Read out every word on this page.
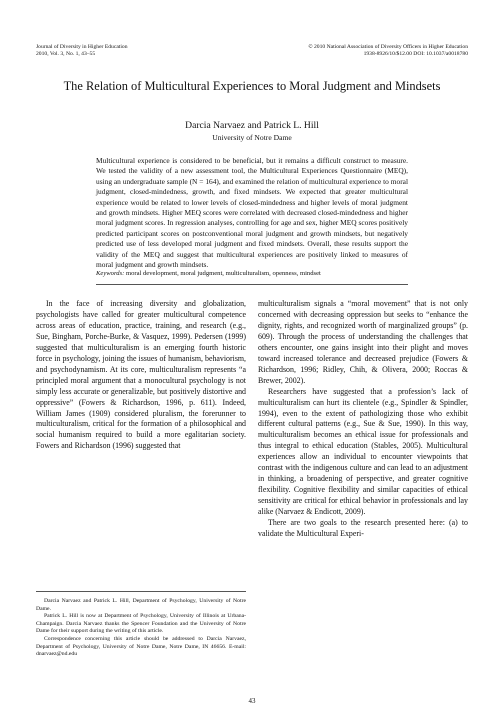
Journal of Diversity in Higher Education
2010, Vol. 3, No. 1, 43–55
© 2010 National Association of Diversity Officers in Higher Education
1938-8926/10/$12.00 DOI: 10.1037/a0018780
The Relation of Multicultural Experiences to Moral Judgment and Mindsets
Darcia Narvaez and Patrick L. Hill
University of Notre Dame
Multicultural experience is considered to be beneficial, but it remains a difficult construct to measure. We tested the validity of a new assessment tool, the Multicultural Experiences Questionnaire (MEQ), using an undergraduate sample (N = 164), and examined the relation of multicultural experience to moral judgment, closed-mindedness, growth, and fixed mindsets. We expected that greater multicultural experience would be related to lower levels of closed-mindedness and higher levels of moral judgment and growth mindsets. Higher MEQ scores were correlated with decreased closed-mindedness and higher moral judgment scores. In regression analyses, controlling for age and sex, higher MEQ scores positively predicted participant scores on postconventional moral judgment and growth mindsets, but negatively predicted use of less developed moral judgment and fixed mindsets. Overall, these results support the validity of the MEQ and suggest that multicultural experiences are positively linked to measures of moral judgment and growth mindsets.
Keywords: moral development, moral judgment, multiculturalism, openness, mindset

In the face of increasing diversity and globalization, psychologists have called for greater multicultural competence across areas of education, practice, training, and research (e.g., Sue, Bingham, Porche-Burke, & Vasquez, 1999). Pedersen (1999) suggested that multiculturalism is an emerging fourth historic force in psychology, joining the issues of humanism, behaviorism, and psychodynamism. At its core, multiculturalism represents “a principled moral argument that a monocultural psychology is not simply less accurate or generalizable, but positively distortive and oppressive” (Fowers & Richardson, 1996, p. 611). Indeed, William James (1909) considered pluralism, the forerunner to multiculturalism, critical for the formation of a philosophical and social humanism required to build a more egalitarian society. Fowers and Richardson (1996) suggested that

multiculturalism signals a “moral movement” that is not only concerned with decreasing oppression but seeks to “enhance the dignity, rights, and recognized worth of marginalized groups” (p. 609). Through the process of understanding the challenges that others encounter, one gains insight into their plight and moves toward increased tolerance and decreased prejudice (Fowers & Richardson, 1996; Ridley, Chih, & Olivera, 2000; Roccas & Brewer, 2002).

Researchers have suggested that a profession’s lack of multiculturalism can hurt its clientele (e.g., Spindler & Spindler, 1994), even to the extent of pathologizing those who exhibit different cultural patterns (e.g., Sue & Sue, 1990). In this way, multiculturalism becomes an ethical issue for professionals and thus integral to ethical education (Stables, 2005). Multicultural experiences allow an individual to encounter viewpoints that contrast with the indigenous culture and can lead to an adjustment in thinking, a broadening of perspective, and greater cognitive flexibility. Cognitive flexibility and similar capacities of ethical sensitivity are critical for ethical behavior in professionals and lay alike (Narvaez & Endicott, 2009).

There are two goals to the research presented here: (a) to validate the Multicultural Experi-

Darcia Narvaez and Patrick L. Hill, Department of Psychology, University of Notre Dame.

Patrick L. Hill is now at Department of Psychology, University of Illinois at Urbana-Champaign. Darcia Narvaez thanks the Spencer Foundation and the University of Notre Dame for their support during the writing of this article.

Correspondence concerning this article should be addressed to Darcia Narvaez, Department of Psychology, University of Notre Dame, Notre Dame, IN 46656. E-mail: dnarvaez@nd.edu

43
